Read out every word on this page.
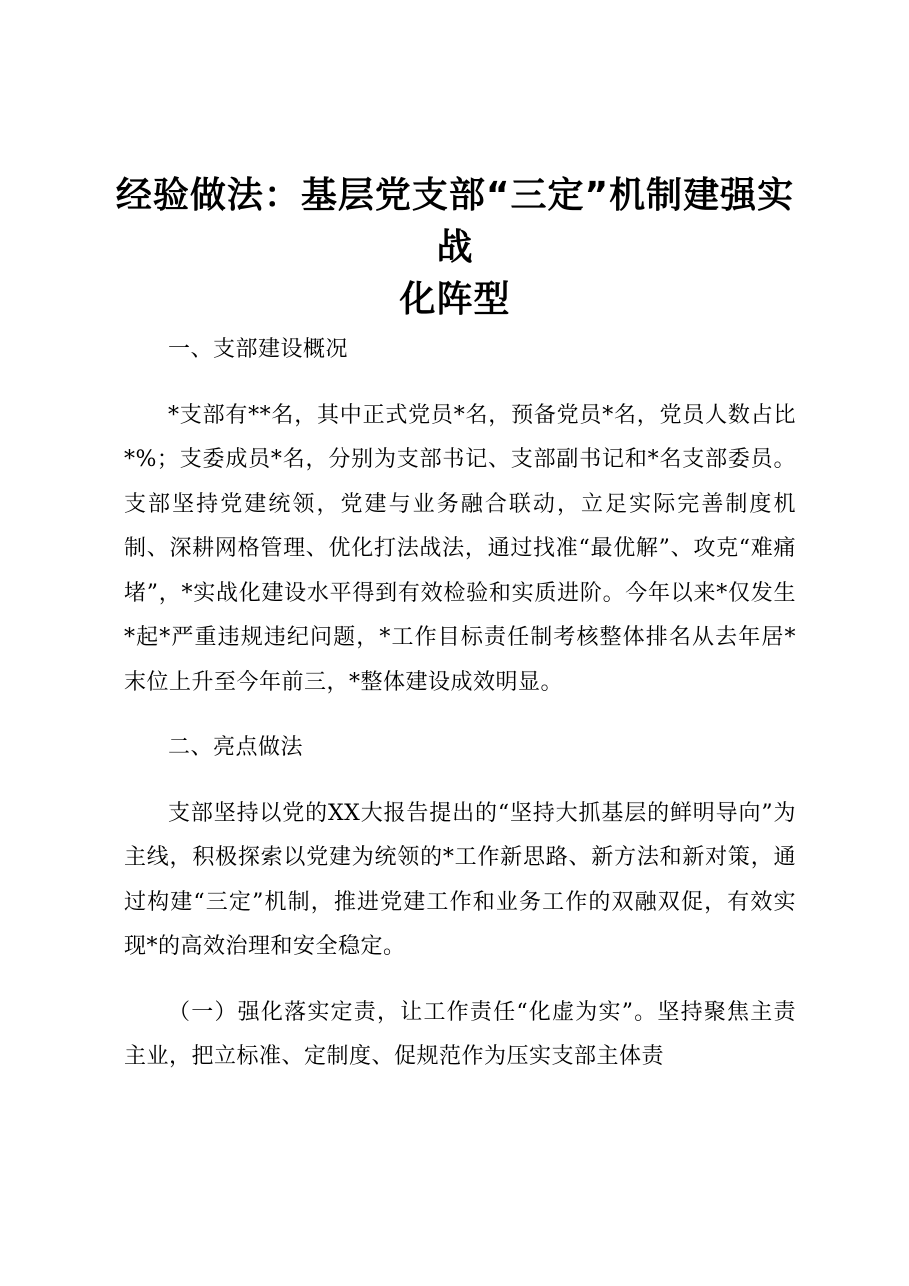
经验做法：基层党支部“三定”机制建强实战
化阵型

一、支部建设概况

*支部有**名，其中正式党员*名，预备党员*名，党员人数占比*%；支委成员*名，分别为支部书记、支部副书记和*名支部委员。支部坚持党建统领，党建与业务融合联动，立足实际完善制度机制、深耕网格管理、优化打法战法，通过找准“最优解”、攻克“难痛堵”，*实战化建设水平得到有效检验和实质进阶。今年以来*仅发生*起*严重违规违纪问题，*工作目标责任制考核整体排名从去年居*末位上升至今年前三，*整体建设成效明显。

二、亮点做法

支部坚持以党的XX大报告提出的“坚持大抓基层的鲜明导向”为主线，积极探索以党建为统领的*工作新思路、新方法和新对策，通过构建“三定”机制，推进党建工作和业务工作的双融双促，有效实现*的高效治理和安全稳定。

（一）强化落实定责，让工作责任“化虚为实”。坚持聚焦主责主业，把立标准、定制度、促规范作为压实支部主体责
